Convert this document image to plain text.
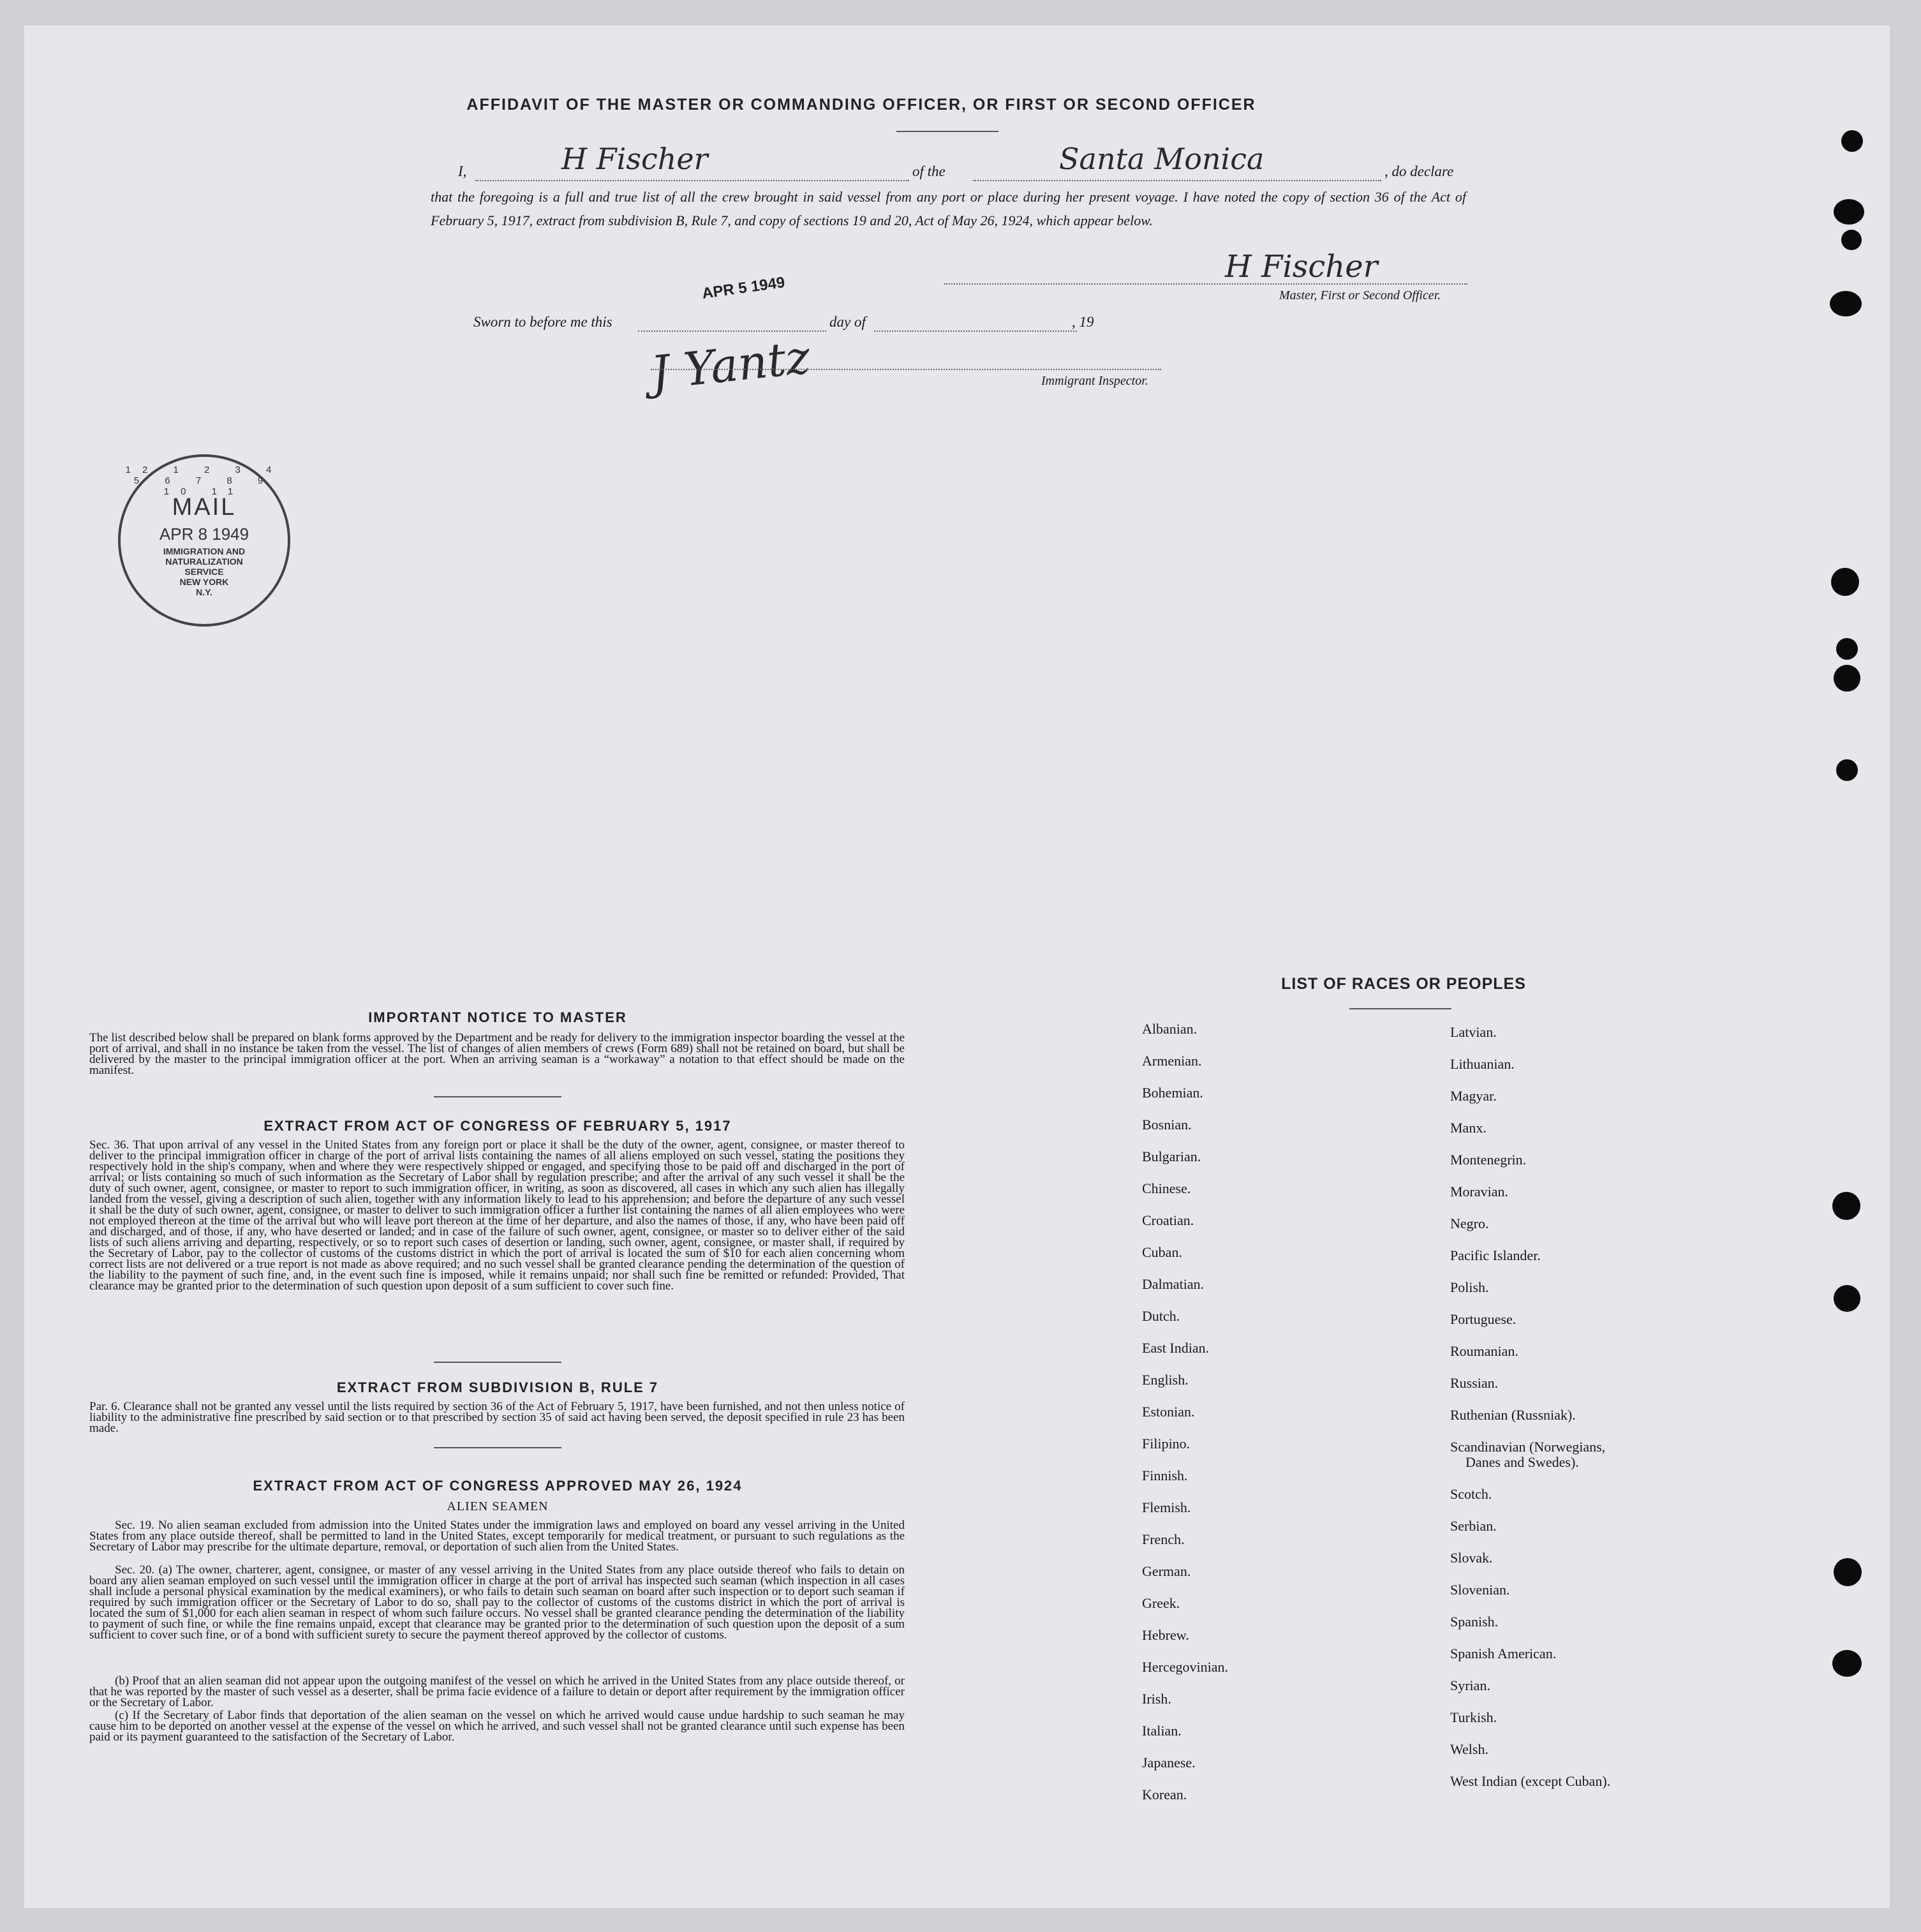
AFFIDAVIT OF THE MASTER OR COMMANDING OFFICER, OR FIRST OR SECOND OFFICER
I,	H Fischer	of the	Santa Monica	, do declare
that the foregoing is a full and true list of all the crew brought in said vessel from any port or place during her present voyage. I have noted the copy of section 36 of the Act of February 5, 1917, extract from subdivision B, Rule 7, and copy of sections 19 and 20, Act of May 26, 1924, which appear below.
H Fischer
Master, First or Second Officer.
Sworn to before me this
APR 5 1949
day of	, 19
J Yantz	Immigrant Inspector.
12 1 2 3 4 5 6 7 8 9 10 11
MAIL
APR 8 1949
IMMIGRATION AND
NATURALIZATION
SERVICE
NEW YORK
N.Y.
IMPORTANT NOTICE TO MASTER
The list described below shall be prepared on blank forms approved by the Department and be ready for delivery to the immigration inspector boarding the vessel at the port of arrival, and shall in no instance be taken from the vessel. The list of changes of alien members of crews (Form 689) shall not be retained on board, but shall be delivered by the master to the principal immigration officer at the port. When an arriving seaman is a “workaway” a notation to that effect should be made on the manifest.
EXTRACT FROM ACT OF CONGRESS OF FEBRUARY 5, 1917
Sec. 36. That upon arrival of any vessel in the United States from any foreign port or place it shall be the duty of the owner, agent, consignee, or master thereof to deliver to the principal immigration officer in charge of the port of arrival lists containing the names of all aliens employed on such vessel, stating the positions they respectively hold in the ship's company, when and where they were respectively shipped or engaged, and specifying those to be paid off and discharged in the port of arrival; or lists containing so much of such information as the Secretary of Labor shall by regulation prescribe; and after the arrival of any such vessel it shall be the duty of such owner, agent, consignee, or master to report to such immigration officer, in writing, as soon as discovered, all cases in which any such alien has illegally landed from the vessel, giving a description of such alien, together with any information likely to lead to his apprehension; and before the departure of any such vessel it shall be the duty of such owner, agent, consignee, or master to deliver to such immigration officer a further list containing the names of all alien employees who were not employed thereon at the time of the arrival but who will leave port thereon at the time of her departure, and also the names of those, if any, who have been paid off and discharged, and of those, if any, who have deserted or landed; and in case of the failure of such owner, agent, consignee, or master so to deliver either of the said lists of such aliens arriving and departing, respectively, or so to report such cases of desertion or landing, such owner, agent, consignee, or master shall, if required by the Secretary of Labor, pay to the collector of customs of the customs district in which the port of arrival is located the sum of $10 for each alien concerning whom correct lists are not delivered or a true report is not made as above required; and no such vessel shall be granted clearance pending the determination of the question of the liability to the payment of such fine, and, in the event such fine is imposed, while it remains unpaid; nor shall such fine be remitted or refunded: Provided, That clearance may be granted prior to the determination of such question upon deposit of a sum sufficient to cover such fine.
EXTRACT FROM SUBDIVISION B, RULE 7
Par. 6. Clearance shall not be granted any vessel until the lists required by section 36 of the Act of February 5, 1917, have been furnished, and not then unless notice of liability to the administrative fine prescribed by said section or to that prescribed by section 35 of said act having been served, the deposit specified in rule 23 has been made.
EXTRACT FROM ACT OF CONGRESS APPROVED MAY 26, 1924
ALIEN SEAMEN
Sec. 19. No alien seaman excluded from admission into the United States under the immigration laws and employed on board any vessel arriving in the United States from any place outside thereof, shall be permitted to land in the United States, except temporarily for medical treatment, or pursuant to such regulations as the Secretary of Labor may prescribe for the ultimate departure, removal, or deportation of such alien from the United States.
Sec. 20. (a) The owner, charterer, agent, consignee, or master of any vessel arriving in the United States from any place outside thereof who fails to detain on board any alien seaman employed on such vessel until the immigration officer in charge at the port of arrival has inspected such seaman (which inspection in all cases shall include a personal physical examination by the medical examiners), or who fails to detain such seaman on board after such inspection or to deport such seaman if required by such immigration officer or the Secretary of Labor to do so, shall pay to the collector of customs of the customs district in which the port of arrival is located the sum of $1,000 for each alien seaman in respect of whom such failure occurs. No vessel shall be granted clearance pending the determination of the liability to payment of such fine, or while the fine remains unpaid, except that clearance may be granted prior to the determination of such question upon the deposit of a sum sufficient to cover such fine, or of a bond with sufficient surety to secure the payment thereof approved by the collector of customs.
(b) Proof that an alien seaman did not appear upon the outgoing manifest of the vessel on which he arrived in the United States from any place outside thereof, or that he was reported by the master of such vessel as a deserter, shall be prima facie evidence of a failure to detain or deport after requirement by the immigration officer or the Secretary of Labor.
(c) If the Secretary of Labor finds that deportation of the alien seaman on the vessel on which he arrived would cause undue hardship to such seaman he may cause him to be deported on another vessel at the expense of the vessel on which he arrived, and such vessel shall not be granted clearance until such expense has been paid or its payment guaranteed to the satisfaction of the Secretary of Labor.
LIST OF RACES OR PEOPLES
Albanian.
Armenian.
Bohemian.
Bosnian.
Bulgarian.
Chinese.
Croatian.
Cuban.
Dalmatian.
Dutch.
East Indian.
English.
Estonian.
Filipino.
Finnish.
Flemish.
French.
German.
Greek.
Hebrew.
Hercegovinian.
Irish.
Italian.
Japanese.
Korean.
Latvian.
Lithuanian.
Magyar.
Manx.
Montenegrin.
Moravian.
Negro.
Pacific Islander.
Polish.
Portuguese.
Roumanian.
Russian.
Ruthenian (Russniak).
Scandinavian (Norwegians,
Danes and Swedes).
Scotch.
Serbian.
Slovak.
Slovenian.
Spanish.
Spanish American.
Syrian.
Turkish.
Welsh.
West Indian (except Cuban).
